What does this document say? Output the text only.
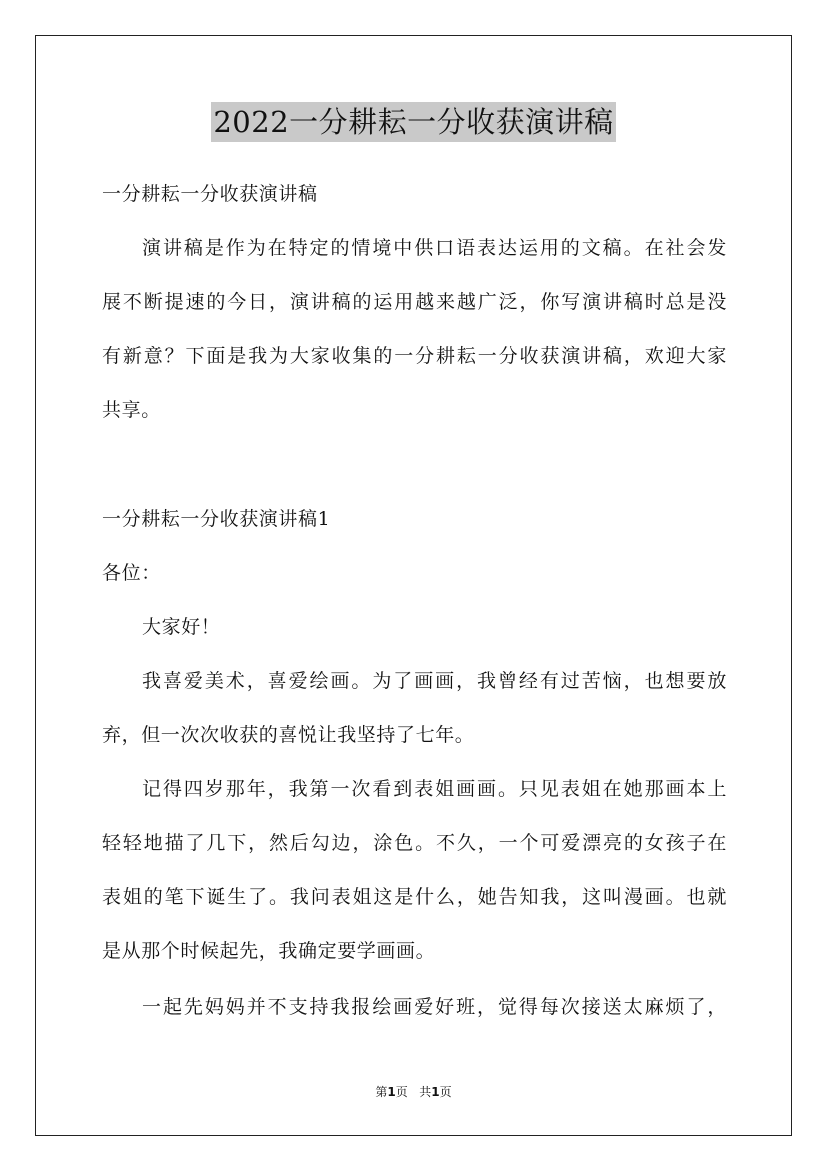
2022一分耕耘一分收获演讲稿
一分耕耘一分收获演讲稿
演讲稿是作为在特定的情境中供口语表达运用的文稿。在社会发
展不断提速的今日，演讲稿的运用越来越广泛，你写演讲稿时总是没
有新意？下面是我为大家收集的一分耕耘一分收获演讲稿，欢迎大家
共享。
一分耕耘一分收获演讲稿1
各位：
大家好！
我喜爱美术，喜爱绘画。为了画画，我曾经有过苦恼，也想要放
弃，但一次次收获的喜悦让我坚持了七年。
记得四岁那年，我第一次看到表姐画画。只见表姐在她那画本上
轻轻地描了几下，然后勾边，涂色。不久，一个可爱漂亮的女孩子在
表姐的笔下诞生了。我问表姐这是什么，她告知我，这叫漫画。也就
是从那个时候起先，我确定要学画画。
一起先妈妈并不支持我报绘画爱好班，觉得每次接送太麻烦了，
第1页   共1页
